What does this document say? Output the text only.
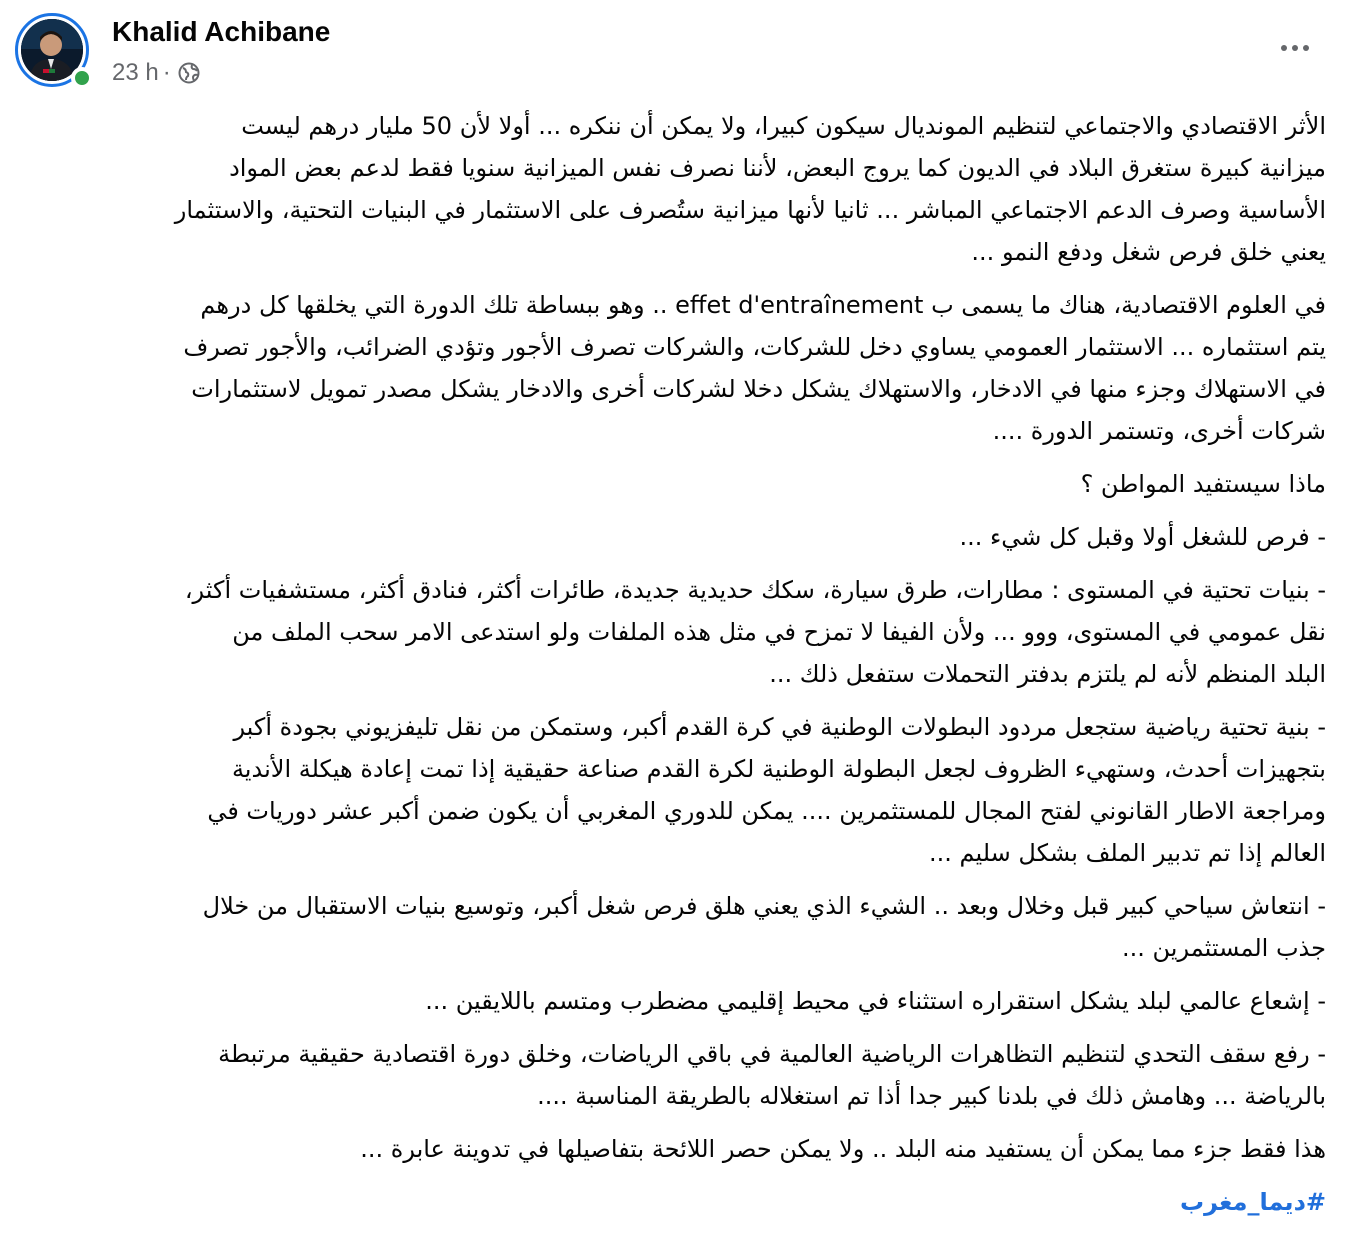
Khalid Achibane
23 h ·

الأثر الاقتصادي والاجتماعي لتنظيم المونديال سيكون كبيرا، ولا يمكن أن ننكره ... أولا لأن 50 مليار درهم ليست
ميزانية كبيرة ستغرق البلاد في الديون كما يروج البعض، لأننا نصرف نفس الميزانية سنويا فقط لدعم بعض المواد
الأساسية وصرف الدعم الاجتماعي المباشر ... ثانيا لأنها ميزانية ستُصرف على الاستثمار في البنيات التحتية، والاستثمار
يعني خلق فرص شغل ودفع النمو ...

في العلوم الاقتصادية، هناك ما يسمى ب effet d'entraînement .. وهو ببساطة تلك الدورة التي يخلقها كل درهم
يتم استثماره ... الاستثمار العمومي يساوي دخل للشركات، والشركات تصرف الأجور وتؤدي الضرائب، والأجور تصرف
في الاستهلاك وجزء منها في الادخار، والاستهلاك يشكل دخلا لشركات أخرى والادخار يشكل مصدر تمويل لاستثمارات
شركات أخرى، وتستمر الدورة ....

ماذا سيستفيد المواطن ؟

- فرص للشغل أولا وقبل كل شيء ...

- بنيات تحتية في المستوى : مطارات، طرق سيارة، سكك حديدية جديدة، طائرات أكثر، فنادق أكثر، مستشفيات أكثر،
نقل عمومي في المستوى، ووو ... ولأن الفيفا لا تمزح في مثل هذه الملفات ولو استدعى الامر سحب الملف من
البلد المنظم لأنه لم يلتزم بدفتر التحملات ستفعل ذلك ...

- بنية تحتية رياضية ستجعل مردود البطولات الوطنية في كرة القدم أكبر، وستمكن من نقل تليفزيوني بجودة أكبر
بتجهيزات أحدث، وستهيء الظروف لجعل البطولة الوطنية لكرة القدم صناعة حقيقية إذا تمت إعادة هيكلة الأندية
ومراجعة الاطار القانوني لفتح المجال للمستثمرين .... يمكن للدوري المغربي أن يكون ضمن أكبر عشر دوريات في
العالم إذا تم تدبير الملف بشكل سليم ...

- انتعاش سياحي كبير قبل وخلال وبعد .. الشيء الذي يعني هلق فرص شغل أكبر، وتوسيع بنيات الاستقبال من خلال
جذب المستثمرين ...

- إشعاع عالمي لبلد يشكل استقراره استثناء في محيط إقليمي مضطرب ومتسم باللايقين ...

- رفع سقف التحدي لتنظيم التظاهرات الرياضية العالمية في باقي الرياضات، وخلق دورة اقتصادية حقيقية مرتبطة
بالرياضة ... وهامش ذلك في بلدنا كبير جدا أذا تم استغلاله بالطريقة المناسبة ....

هذا فقط جزء مما يمكن أن يستفيد منه البلد .. ولا يمكن حصر اللائحة بتفاصيلها في تدوينة عابرة ...

#ديما_مغرب
